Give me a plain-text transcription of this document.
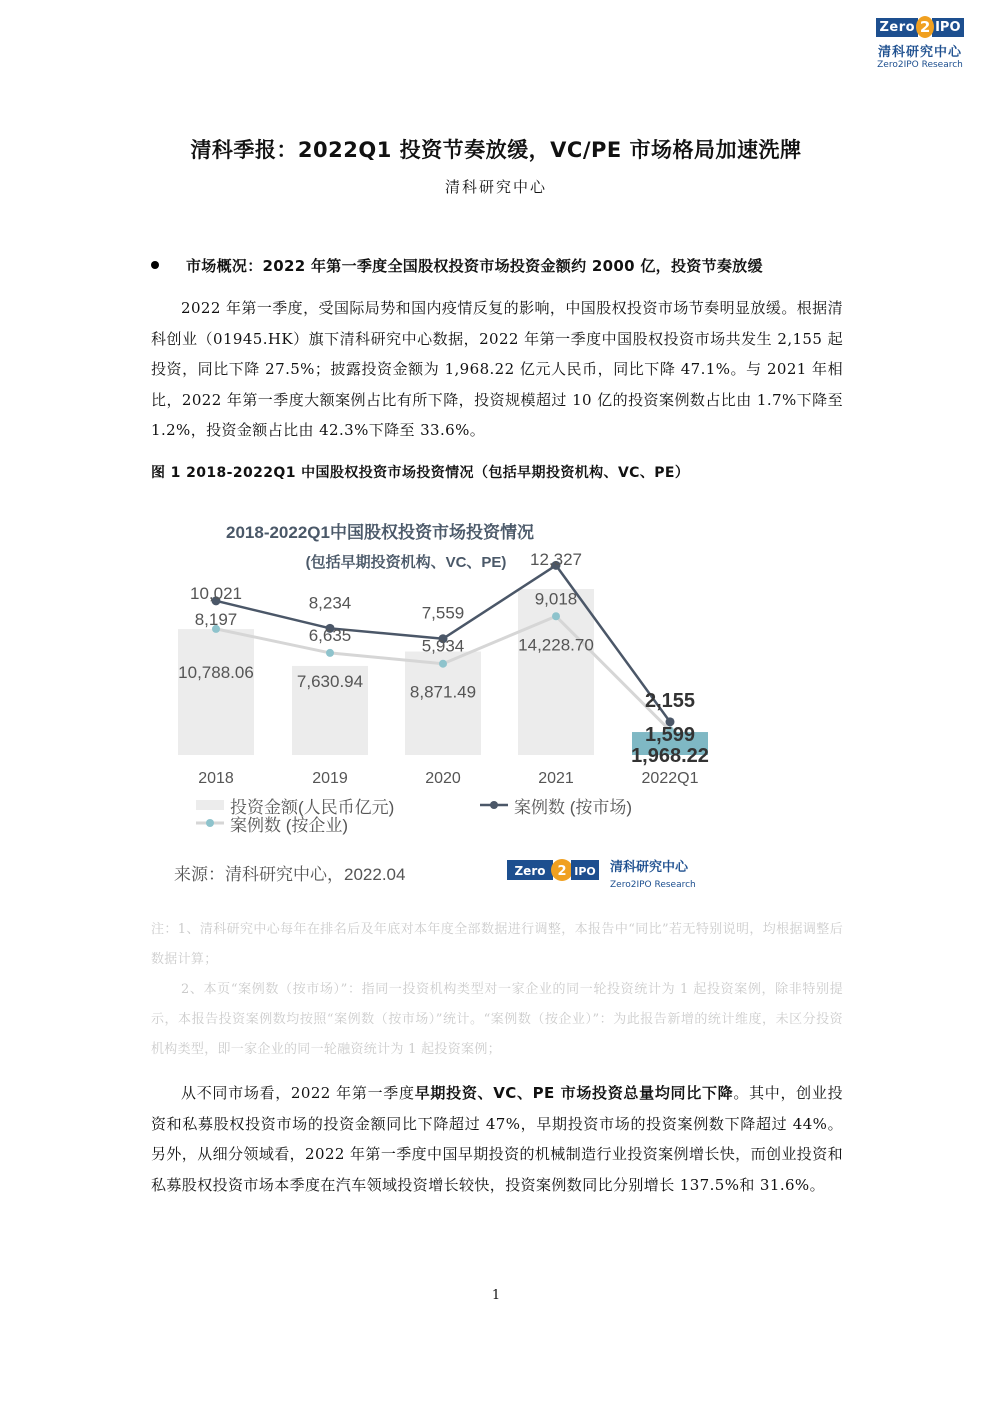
Zero 2 IPO
清科研究中心
Zero2IPO Research
清科季报：2022Q1 投资节奏放缓，VC/PE 市场格局加速洗牌
清科研究中心
市场概况：2022 年第一季度全国股权投资市场投资金额约 2000 亿，投资节奏放缓

2022 年第一季度，受国际局势和国内疫情反复的影响，中国股权投资市场节奏明显放缓。根据清科创业（01945.HK）旗下清科研究中心数据，2022 年第一季度中国股权投资市场共发生 2,155 起投资，同比下降 27.5%；披露投资金额为 1,968.22 亿元人民币，同比下降 47.1%。与 2021 年相比，2022 年第一季度大额案例占比有所下降，投资规模超过 10 亿的投资案例数占比由 1.7%下降至 1.2%，投资金额占比由 42.3%下降至 33.6%。

图 1 2018-2022Q1 中国股权投资市场投资情况（包括早期投资机构、VC、PE）
2018-2022Q1中国股权投资市场投资情况
(包括早期投资机构、VC、PE)
10,021
8,197
10,788.06
8,234
6,635
7,630.94
7,559
5,934
8,871.49
12,327
9,018
14,228.70
2,155
1,599
1,968.22
2018	2019	2020	2021	2022Q1
投资金额(人民币亿元)	案例数 (按市场)
案例数 (按企业)
来源：清科研究中心，2022.04	Zero 2 IPO 清科研究中心
Zero2IPO Research

注：1、清科研究中心每年在排名后及年底对本年度全部数据进行调整，本报告中“同比”若无特别说明，均根据调整后数据计算；

2、本页“案例数（按市场）”：指同一投资机构类型对一家企业的同一轮投资统计为 1 起投资案例，除非特别提示，本报告投资案例数均按照“案例数（按市场）”统计。“案例数（按企业）”：为此报告新增的统计维度，未区分投资机构类型，即一家企业的同一轮融资统计为 1 起投资案例；

从不同市场看，2022 年第一季度早期投资、VC、PE 市场投资总量均同比下降。其中，创业投资和私募股权投资市场的投资金额同比下降超过 47%，早期投资市场的投资案例数下降超过 44%。另外，从细分领域看，2022 年第一季度中国早期投资的机械制造行业投资案例增长快，而创业投资和私募股权投资市场本季度在汽车领域投资增长较快，投资案例数同比分别增长 137.5%和 31.6%。

1
